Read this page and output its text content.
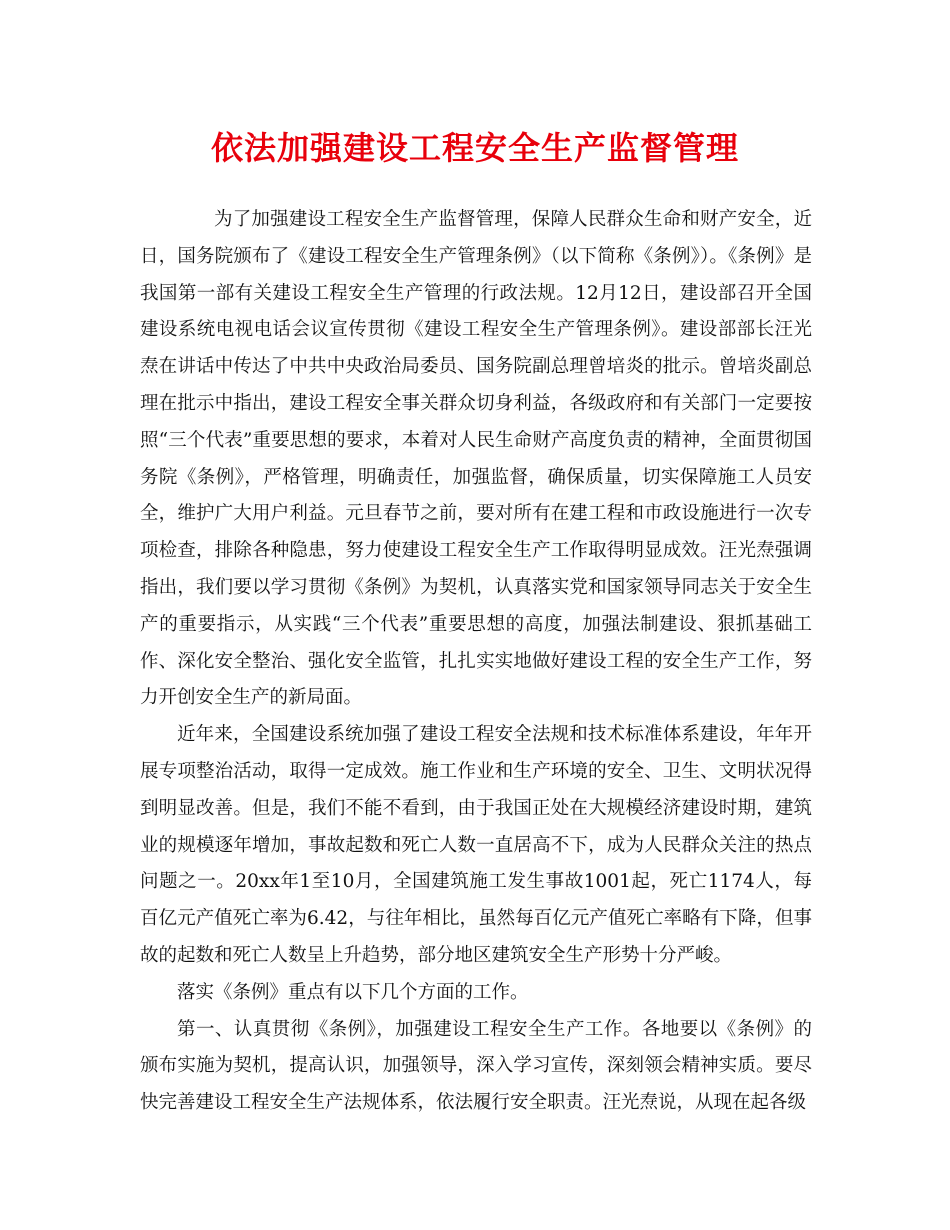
依法加强建设工程安全生产监督管理

为了加强建设工程安全生产监督管理，保障人民群众生命和财产安全，近日，国务院颁布了《建设工程安全生产管理条例》（以下简称《条例》）。《条例》是我国第一部有关建设工程安全生产管理的行政法规。12月12日，建设部召开全国建设系统电视电话会议宣传贯彻《建设工程安全生产管理条例》。建设部部长汪光焘在讲话中传达了中共中央政治局委员、国务院副总理曾培炎的批示。曾培炎副总理在批示中指出，建设工程安全事关群众切身利益，各级政府和有关部门一定要按照“三个代表”重要思想的要求，本着对人民生命财产高度负责的精神，全面贯彻国务院《条例》，严格管理，明确责任，加强监督，确保质量，切实保障施工人员安全，维护广大用户利益。元旦春节之前，要对所有在建工程和市政设施进行一次专项检查，排除各种隐患，努力使建设工程安全生产工作取得明显成效。汪光焘强调指出，我们要以学习贯彻《条例》为契机，认真落实党和国家领导同志关于安全生产的重要指示，从实践“三个代表”重要思想的高度，加强法制建设、狠抓基础工作、深化安全整治、强化安全监管，扎扎实实地做好建设工程的安全生产工作，努力开创安全生产的新局面。

近年来，全国建设系统加强了建设工程安全法规和技术标准体系建设，年年开展专项整治活动，取得一定成效。施工作业和生产环境的安全、卫生、文明状况得到明显改善。但是，我们不能不看到，由于我国正处在大规模经济建设时期，建筑业的规模逐年增加，事故起数和死亡人数一直居高不下，成为人民群众关注的热点问题之一。20xx年1至10月，全国建筑施工发生事故1001起，死亡1174人，每百亿元产值死亡率为6.42，与往年相比，虽然每百亿元产值死亡率略有下降，但事故的起数和死亡人数呈上升趋势，部分地区建筑安全生产形势十分严峻。

落实《条例》重点有以下几个方面的工作。

第一、认真贯彻《条例》，加强建设工程安全生产工作。各地要以《条例》的颁布实施为契机，提高认识，加强领导，深入学习宣传，深刻领会精神实质。要尽快完善建设工程安全生产法规体系，依法履行安全职责。汪光焘说，从现在起各级
